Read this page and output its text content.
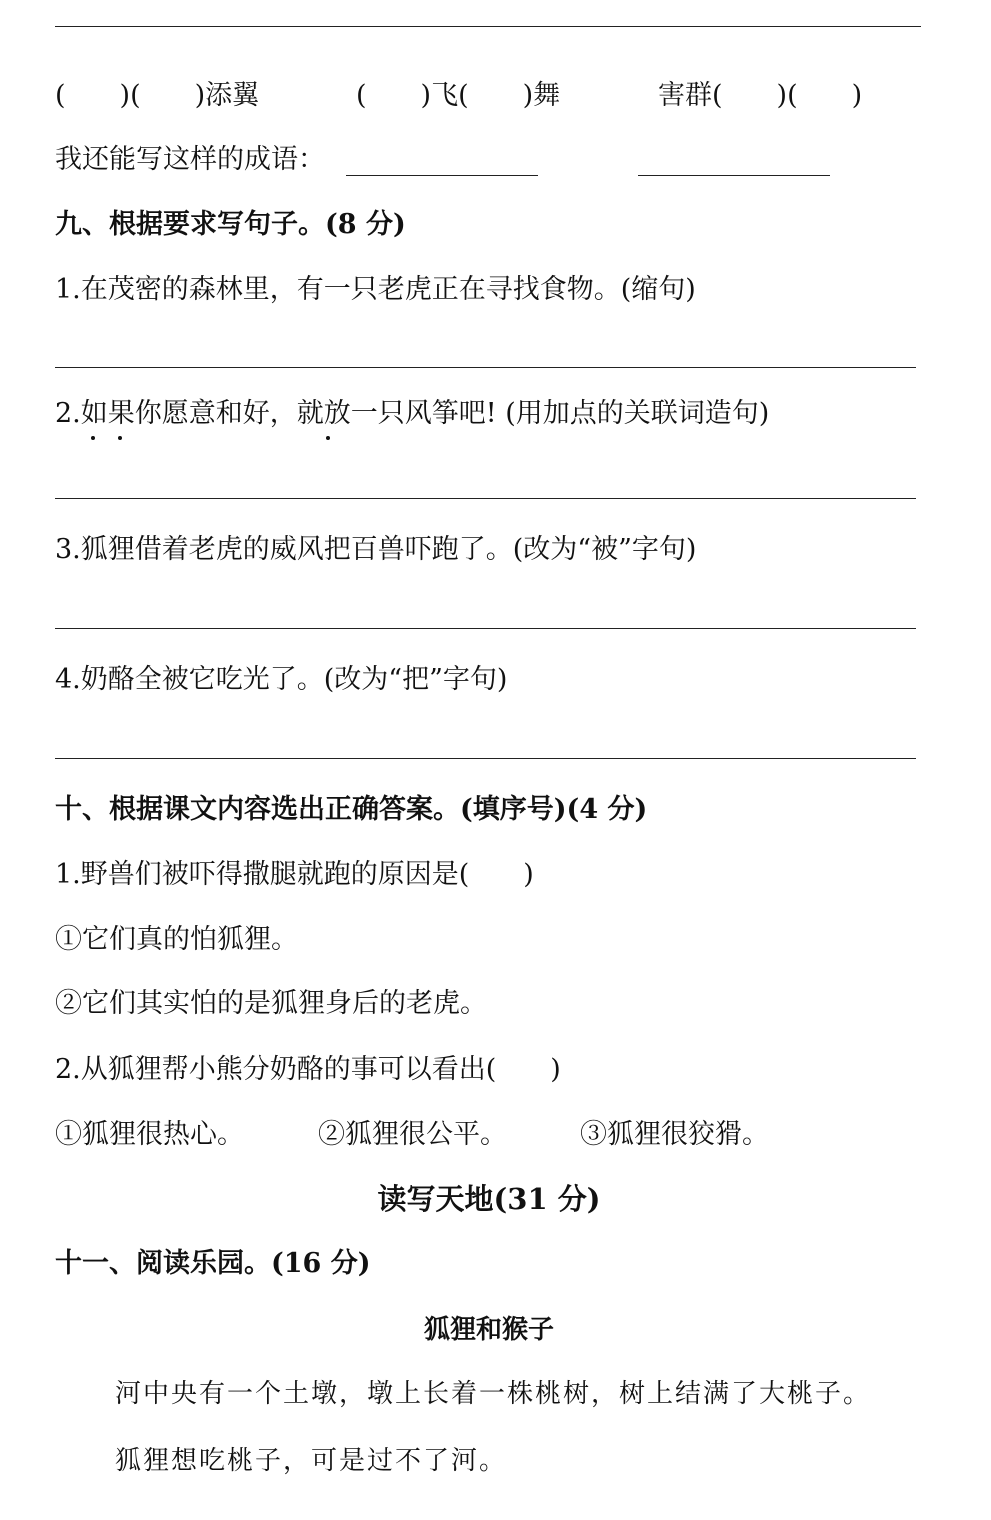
(　　)(　　)添翼	(　　)飞(　　)舞	害群(　　)(　　)
我还能写这样的成语：
九、根据要求写句子。(8 分)
1.在茂密的森林里，有一只老虎正在寻找食物。(缩句)
2.如果你愿意和好，就放一只风筝吧! (用加点的关联词造句)
3.狐狸借着老虎的威风把百兽吓跑了。(改为“被”字句)
4.奶酪全被它吃光了。(改为“把”字句)
十、根据课文内容选出正确答案。(填序号)(4 分)
1.野兽们被吓得撒腿就跑的原因是(　　)
①它们真的怕狐狸。
②它们其实怕的是狐狸身后的老虎。
2.从狐狸帮小熊分奶酪的事可以看出(　　)
①狐狸很热心。	②狐狸很公平。	③狐狸很狡猾。
读写天地(31 分)
十一、阅读乐园。(16 分)
狐狸和猴子
河中央有一个土墩，墩上长着一株桃树，树上结满了大桃子。
狐狸想吃桃子，可是过不了河。
